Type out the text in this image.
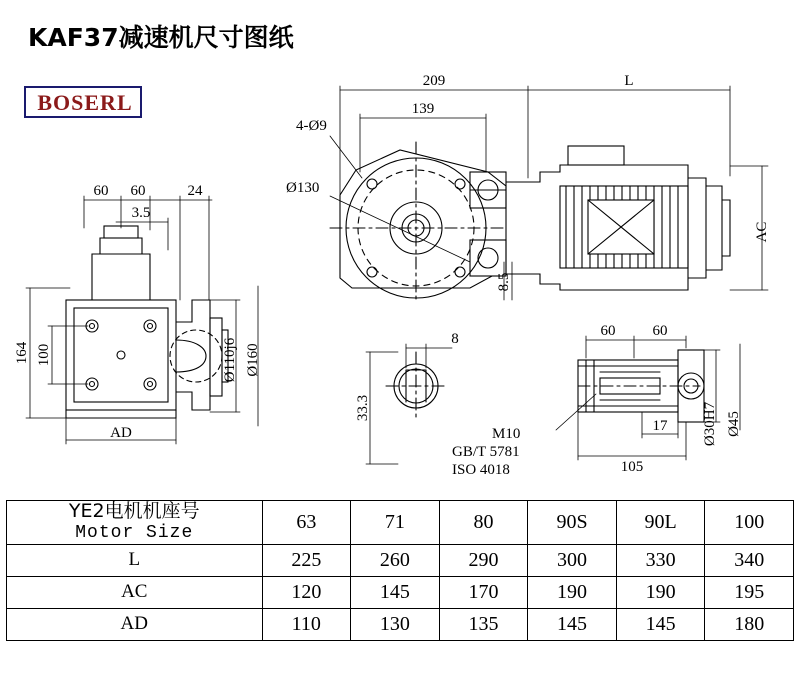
KAF37减速机尺寸图纸
BOSERL
209	L
4-Ø9
139
Ø130
AC
8.5
60 60	24
3.5
164 100	Ø110j6 Ø160
AD
8
33.3
M10
GB/T 5781
ISO 4018
60 60
17
105
Ø30H7 Ø45
YE2电机机座号
Motor Size	63	71	80	90S	90L	100
L	225	260	290	300	330	340
AC	120	145	170	190	190	195
AD	110	130	135	145	145	180
